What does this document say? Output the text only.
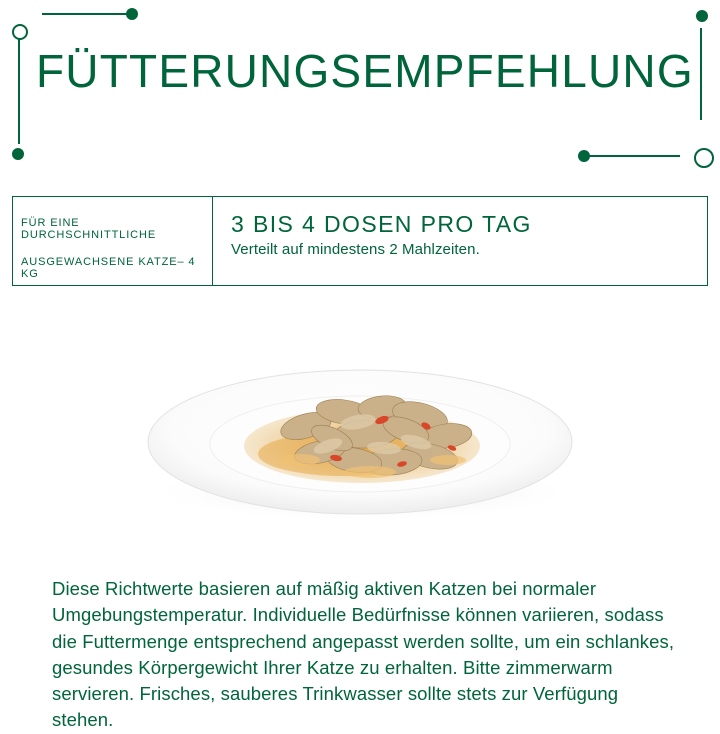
FÜTTERUNGSEMPFEHLUNG
FÜR EINE DURCHSCHNITTLICHE
AUSGEWACHSENE KATZE– 4 KG
3 BIS 4 DOSEN PRO TAG
Verteilt auf mindestens 2 Mahlzeiten.
Diese Richtwerte basieren auf mäßig aktiven Katzen bei normaler Umgebungstemperatur. Individuelle Bedürfnisse können variieren, sodass die Futtermenge entsprechend angepasst werden sollte, um ein schlankes, gesundes Körpergewicht Ihrer Katze zu erhalten. Bitte zimmerwarm servieren. Frisches, sauberes Trinkwasser sollte stets zur Verfügung stehen.
